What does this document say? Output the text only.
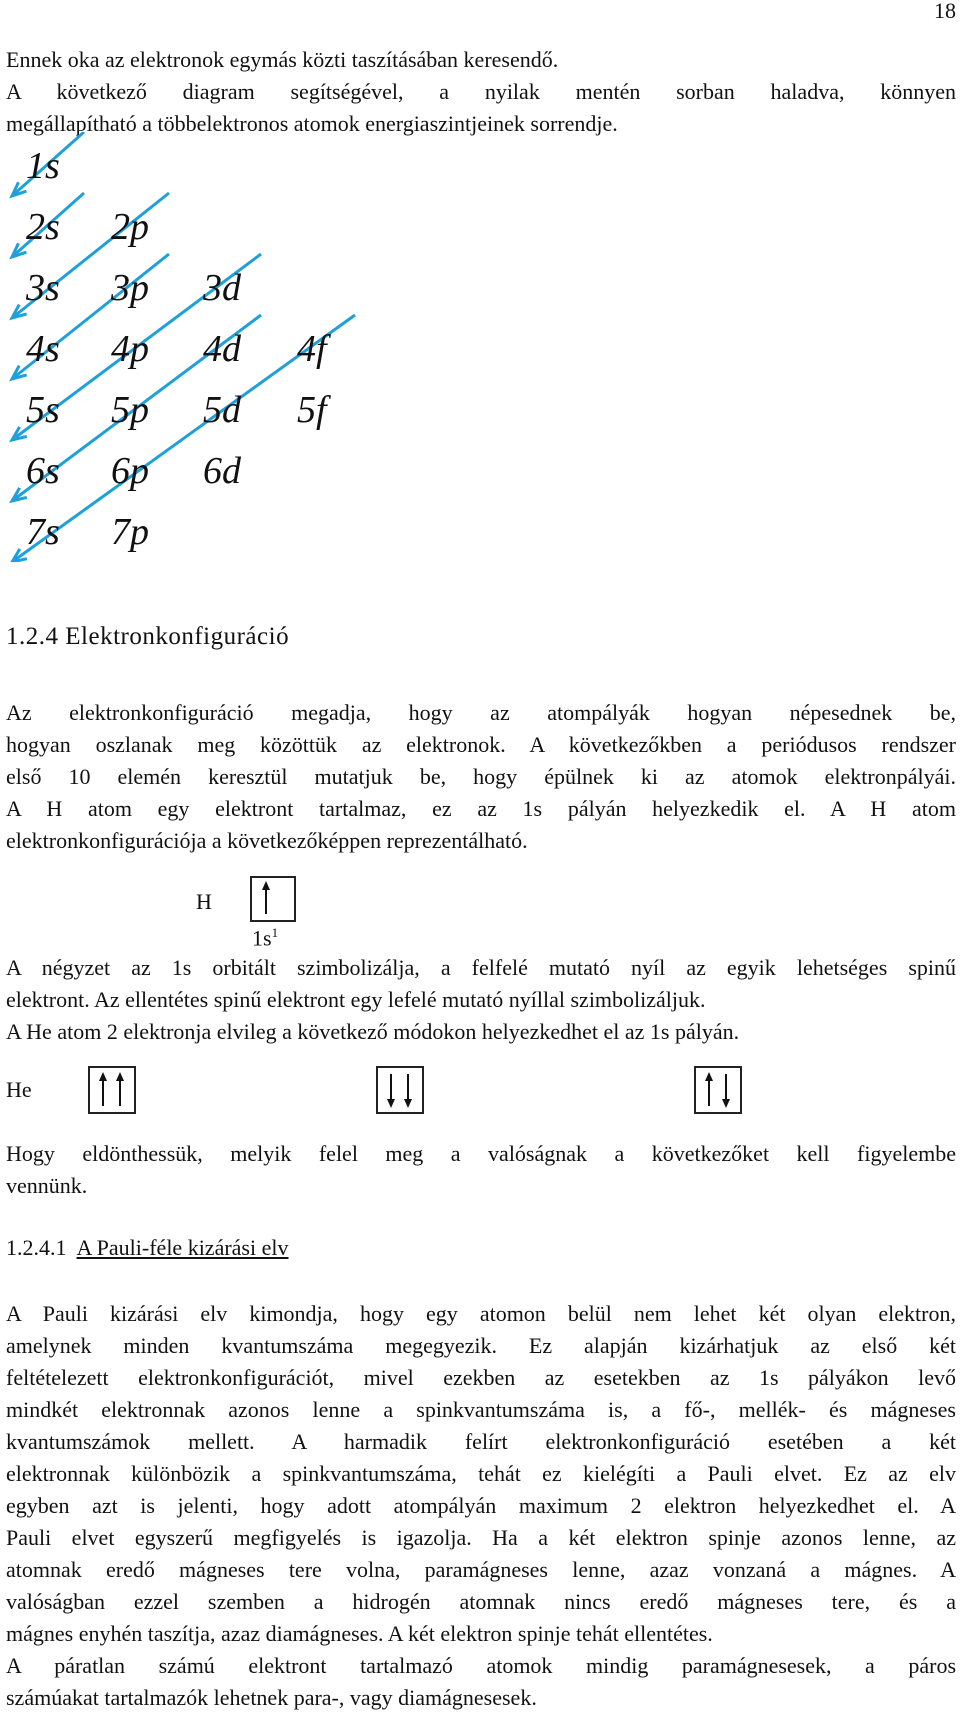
18
Ennek oka az elektronok egymás közti taszításában keresendő.
A következő diagram segítségével, a nyilak mentén sorban haladva, könnyen
megállapítható a többelektronos atomok energiaszintjeinek sorrendje.
1s
2s 2p
3s 3p 3d
4s 4p 4d 4f
5s 5p 5d 5f
6s 6p 6d
7s 7p
1.2.4 Elektronkonfiguráció
Az elektronkonfiguráció megadja, hogy az atompályák hogyan népesednek be,
hogyan oszlanak meg közöttük az elektronok. A következőkben a periódusos rendszer
első 10 elemén keresztül mutatjuk be, hogy épülnek ki az atomok elektronpályái.
A H atom egy elektront tartalmaz, ez az 1s pályán helyezkedik el. A H atom
elektronkonfigurációja a következőképpen reprezentálható.
H
$1s^1$
A négyzet az 1s orbitált szimbolizálja, a felfelé mutató nyíl az egyik lehetséges spinű
elektront. Az ellentétes spinű elektront egy lefelé mutató nyíllal szimbolizáljuk.
A He atom 2 elektronja elvileg a következő módokon helyezkedhet el az 1s pályán.
He
Hogy eldönthessük, melyik felel meg a valóságnak a következőket kell figyelembe
vennünk.
1.2.4.1 A Pauli-féle kizárási elv
A Pauli kizárási elv kimondja, hogy egy atomon belül nem lehet két olyan elektron,
amelynek minden kvantumszáma megegyezik. Ez alapján kizárhatjuk az első két
feltételezett elektronkonfigurációt, mivel ezekben az esetekben az 1s pályákon levő
mindkét elektronnak azonos lenne a spinkvantumszáma is, a fő-, mellék- és mágneses
kvantumszámok mellett. A harmadik felírt elektronkonfiguráció esetében a két
elektronnak különbözik a spinkvantumszáma, tehát ez kielégíti a Pauli elvet. Ez az elv
egyben azt is jelenti, hogy adott atompályán maximum 2 elektron helyezkedhet el. A
Pauli elvet egyszerű megfigyelés is igazolja. Ha a két elektron spinje azonos lenne, az
atomnak eredő mágneses tere volna, paramágneses lenne, azaz vonzaná a mágnes. A
valóságban ezzel szemben a hidrogén atomnak nincs eredő mágneses tere, és a
mágnes enyhén taszítja, azaz diamágneses. A két elektron spinje tehát ellentétes.
A páratlan számú elektront tartalmazó atomok mindig paramágnesesek, a páros
számúakat tartalmazók lehetnek para-, vagy diamágnesesek.
